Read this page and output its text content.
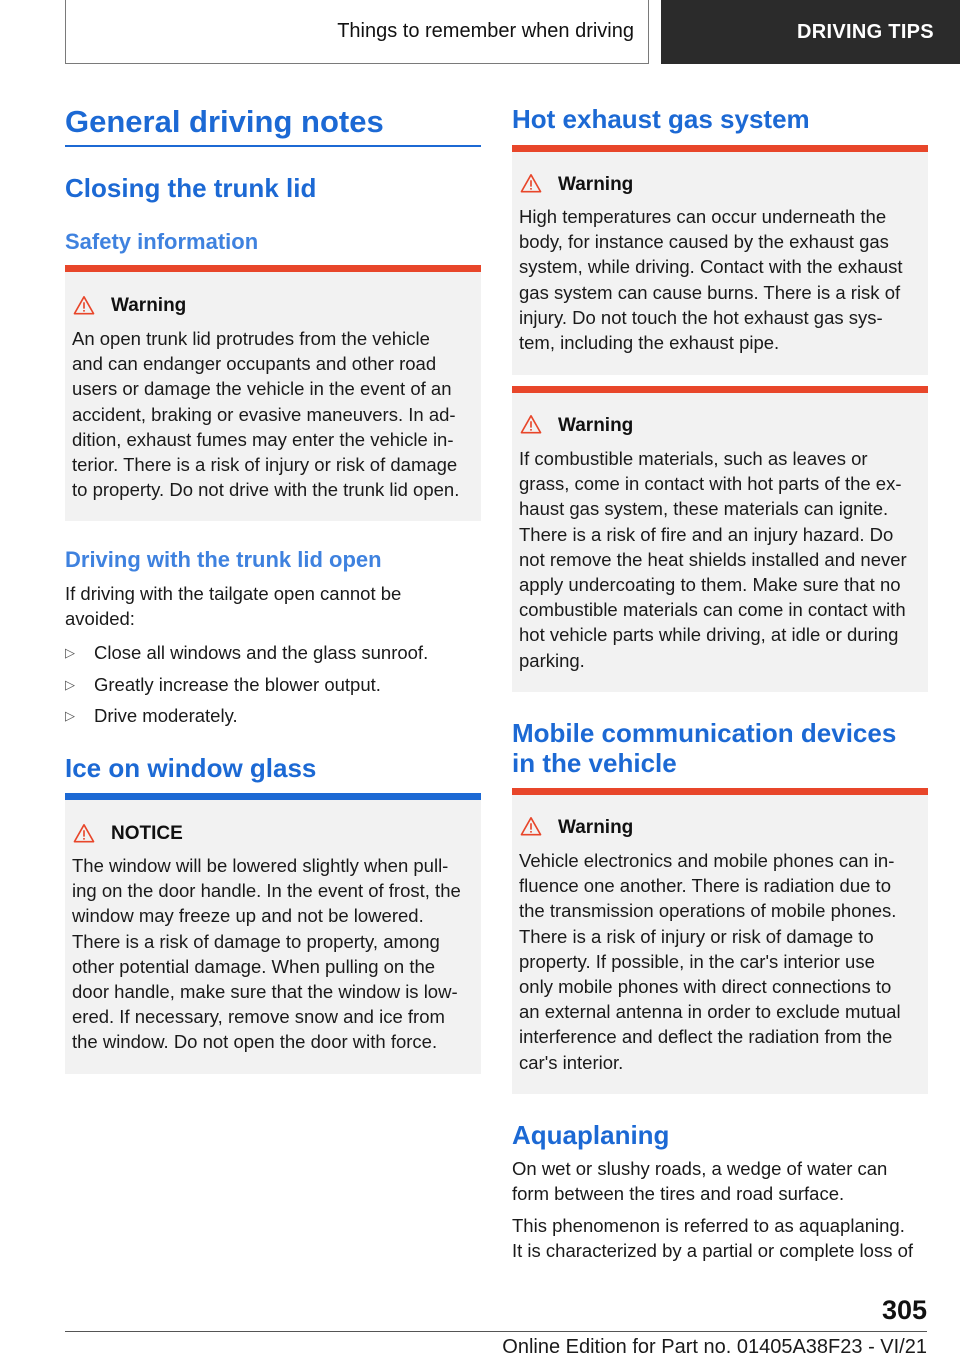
Things to remember when driving	DRIVING TIPS
General driving notes
Closing the trunk lid
Safety information
Warning
An open trunk lid protrudes from the vehicle
and can endanger occupants and other road
users or damage the vehicle in the event of an
accident, braking or evasive maneuvers. In ad‐
dition, exhaust fumes may enter the vehicle in‐
terior. There is a risk of injury or risk of damage
to property. Do not drive with the trunk lid open.
Driving with the trunk lid open
If driving with the tailgate open cannot be
avoided:
▷ Close all windows and the glass sunroof.
▷ Greatly increase the blower output.
▷ Drive moderately.
Ice on window glass
NOTICE
The window will be lowered slightly when pull‐
ing on the door handle. In the event of frost, the
window may freeze up and not be lowered.
There is a risk of damage to property, among
other potential damage. When pulling on the
door handle, make sure that the window is low‐
ered. If necessary, remove snow and ice from
the window. Do not open the door with force.
Hot exhaust gas system
Warning
High temperatures can occur underneath the
body, for instance caused by the exhaust gas
system, while driving. Contact with the exhaust
gas system can cause burns. There is a risk of
injury. Do not touch the hot exhaust gas sys‐
tem, including the exhaust pipe.
Warning
If combustible materials, such as leaves or
grass, come in contact with hot parts of the ex‐
haust gas system, these materials can ignite.
There is a risk of fire and an injury hazard. Do
not remove the heat shields installed and never
apply undercoating to them. Make sure that no
combustible materials can come in contact with
hot vehicle parts while driving, at idle or during
parking.
Mobile communication devices
in the vehicle
Warning
Vehicle electronics and mobile phones can in‐
fluence one another. There is radiation due to
the transmission operations of mobile phones.
There is a risk of injury or risk of damage to
property. If possible, in the car's interior use
only mobile phones with direct connections to
an external antenna in order to exclude mutual
interference and deflect the radiation from the
car's interior.
Aquaplaning
On wet or slushy roads, a wedge of water can
form between the tires and road surface.
This phenomenon is referred to as aquaplaning.
It is characterized by a partial or complete loss of
305
Online Edition for Part no. 01405A38F23 - VI/21
